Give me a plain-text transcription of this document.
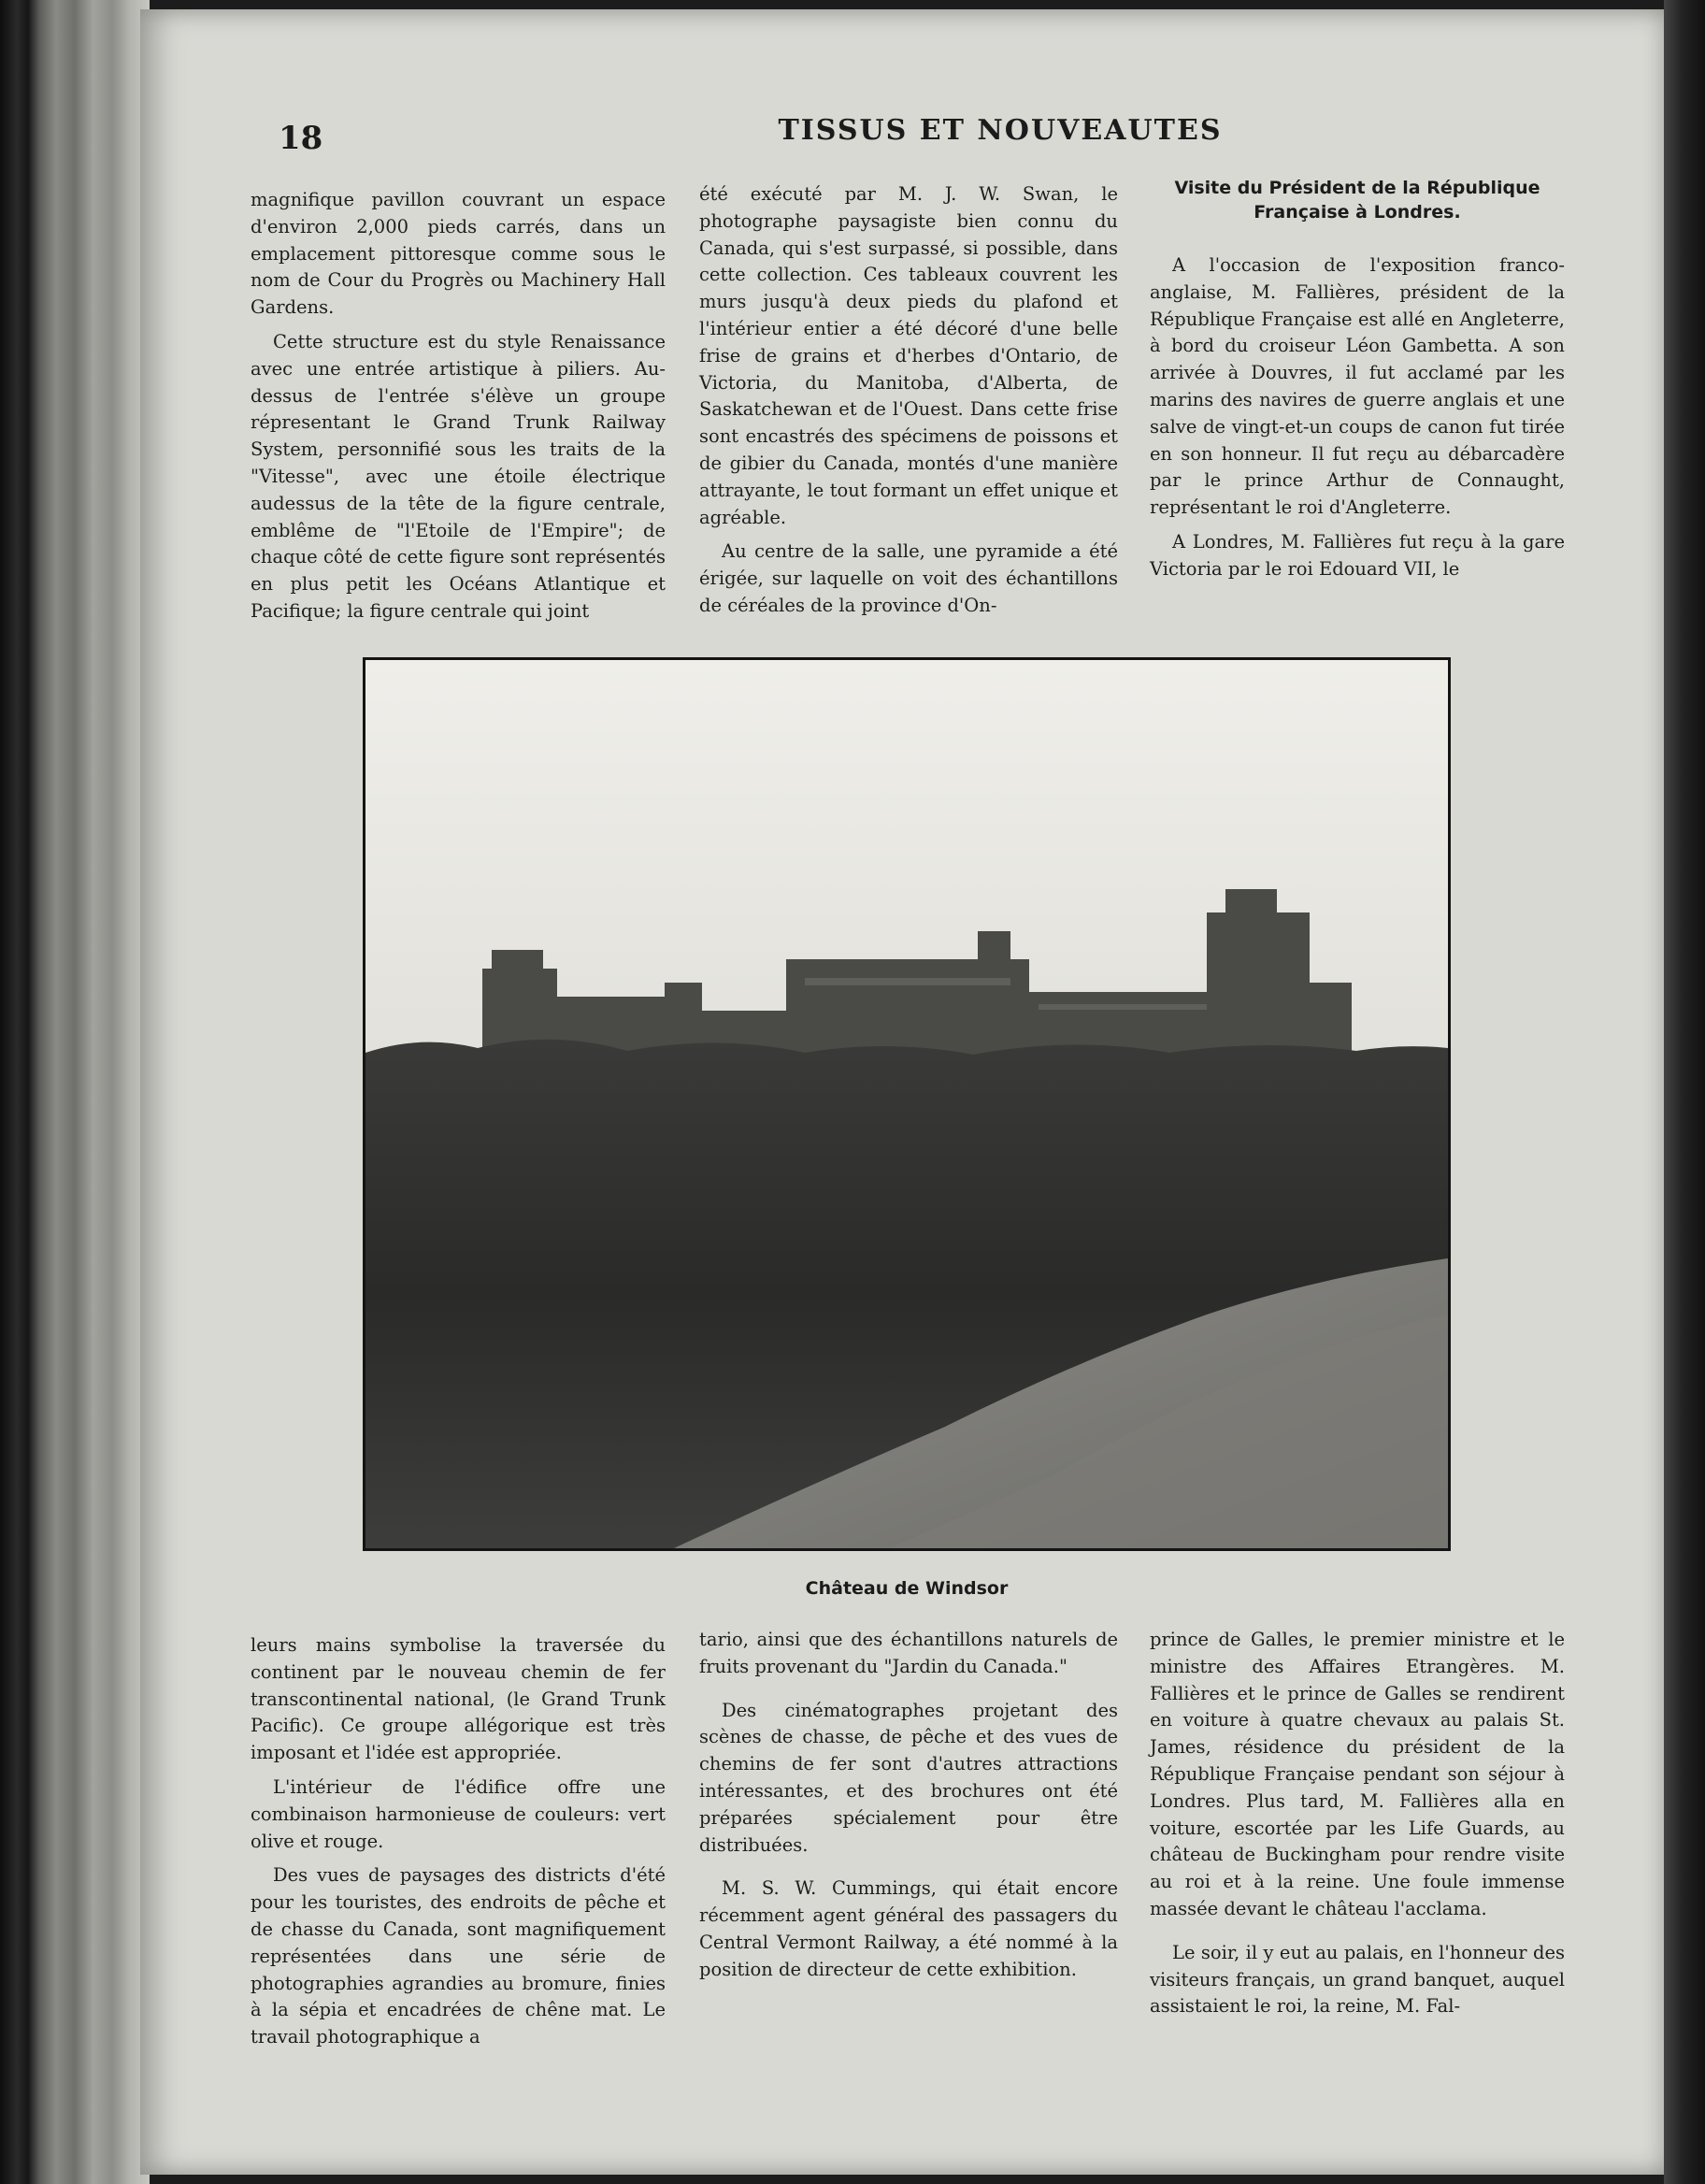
18	TISSUS ET NOUVEAUTES

magnifique pavillon couvrant un espace d'environ 2,000 pieds carrés, dans un emplacement pittoresque comme sous le nom de Cour du Progrès ou Machinery Hall Gardens.

Cette structure est du style Renaissance avec une entrée artistique à piliers. Au-dessus de l'entrée s'élève un groupe répresentant le Grand Trunk Railway System, personnifié sous les traits de la "Vitesse", avec une étoile électrique audessus de la tête de la figure centrale, emblême de "l'Etoile de l'Empire"; de chaque côté de cette figure sont représentés en plus petit les Océans Atlantique et Pacifique; la figure centrale qui joint

été exécuté par M. J. W. Swan, le photographe paysagiste bien connu du Canada, qui s'est surpassé, si possible, dans cette collection. Ces tableaux couvrent les murs jusqu'à deux pieds du plafond et l'intérieur entier a été décoré d'une belle frise de grains et d'herbes d'Ontario, de Victoria, du Manitoba, d'Alberta, de Saskatchewan et de l'Ouest. Dans cette frise sont encastrés des spécimens de poissons et de gibier du Canada, montés d'une manière attrayante, le tout formant un effet unique et agréable.

Au centre de la salle, une pyramide a été érigée, sur laquelle on voit des échantillons de céréales de la province d'On-

Visite du Président de la République Française à Londres.

A l'occasion de l'exposition franco-anglaise, M. Fallières, président de la République Française est allé en Angleterre, à bord du croiseur Léon Gambetta. A son arrivée à Douvres, il fut acclamé par les marins des navires de guerre anglais et une salve de vingt-et-un coups de canon fut tirée en son honneur. Il fut reçu au débarcadère par le prince Arthur de Connaught, représentant le roi d'Angleterre.

A Londres, M. Fallières fut reçu à la gare Victoria par le roi Edouard VII, le

Château de Windsor

leurs mains symbolise la traversée du continent par le nouveau chemin de fer transcontinental national, (le Grand Trunk Pacific). Ce groupe allégorique est très imposant et l'idée est appropriée.

L'intérieur de l'édifice offre une combinaison harmonieuse de couleurs: vert olive et rouge.

Des vues de paysages des districts d'été pour les touristes, des endroits de pêche et de chasse du Canada, sont magnifiquement représentées dans une série de photographies agrandies au bromure, finies à la sépia et encadrées de chêne mat. Le travail photographique a

tario, ainsi que des échantillons naturels de fruits provenant du "Jardin du Canada."

Des cinématographes projetant des scènes de chasse, de pêche et des vues de chemins de fer sont d'autres attractions intéressantes, et des brochures ont été préparées spécialement pour être distribuées.

M. S. W. Cummings, qui était encore récemment agent général des passagers du Central Vermont Railway, a été nommé à la position de directeur de cette exhibition.

prince de Galles, le premier ministre et le ministre des Affaires Etrangères. M. Fallières et le prince de Galles se rendirent en voiture à quatre chevaux au palais St. James, résidence du président de la République Française pendant son séjour à Londres. Plus tard, M. Fallières alla en voiture, escortée par les Life Guards, au château de Buckingham pour rendre visite au roi et à la reine. Une foule immense massée devant le château l'acclama.

Le soir, il y eut au palais, en l'honneur des visiteurs français, un grand banquet, auquel assistaient le roi, la reine, M. Fal-
